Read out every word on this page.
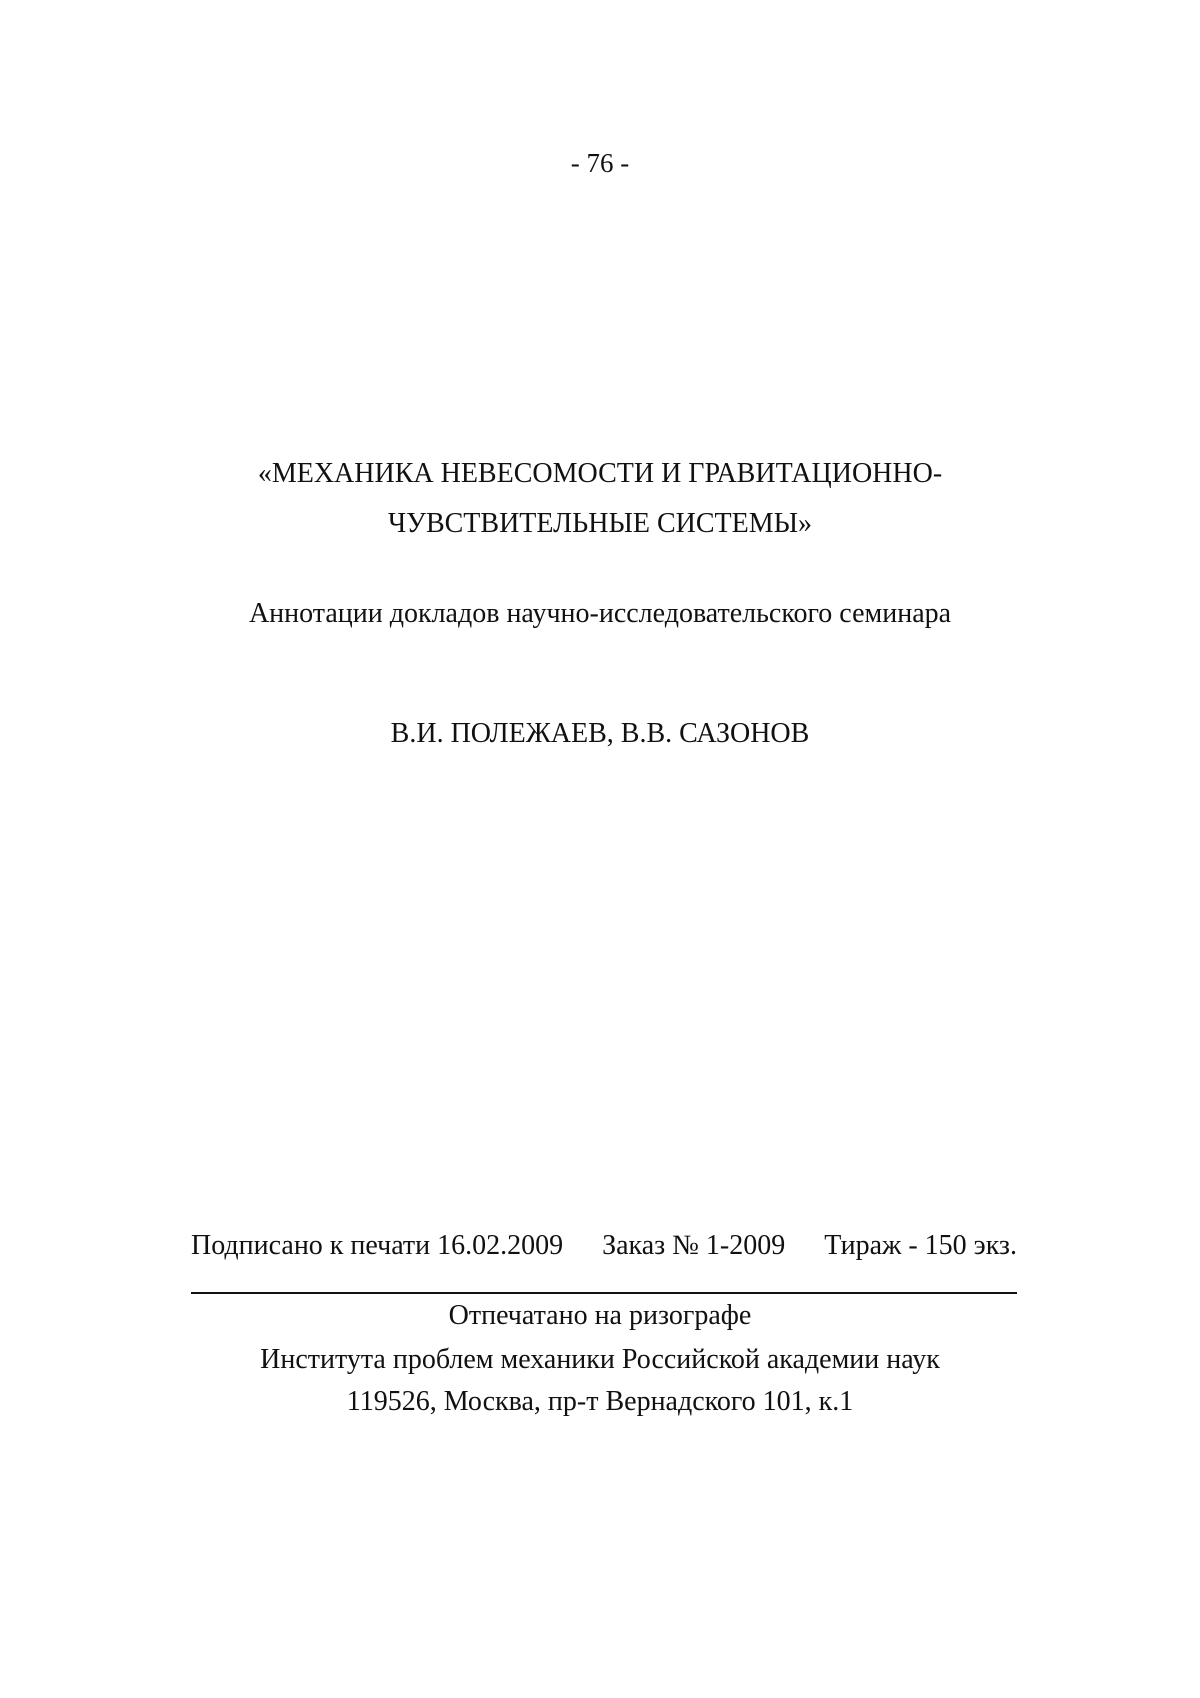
- 76 -
«МЕХАНИКА НЕВЕСОМОСТИ И ГРАВИТАЦИОННО-
ЧУВСТВИТЕЛЬНЫЕ СИСТЕМЫ»
Аннотации докладов научно-исследовательского семинара
В.И. ПОЛЕЖАЕВ, В.В. САЗОНОВ
Подписано к печати 16.02.2009 Заказ № 1-2009 Тираж - 150 экз.
Отпечатано на ризографе
Института проблем механики Российской академии наук
119526, Москва, пр-т Вернадского 101, к.1
